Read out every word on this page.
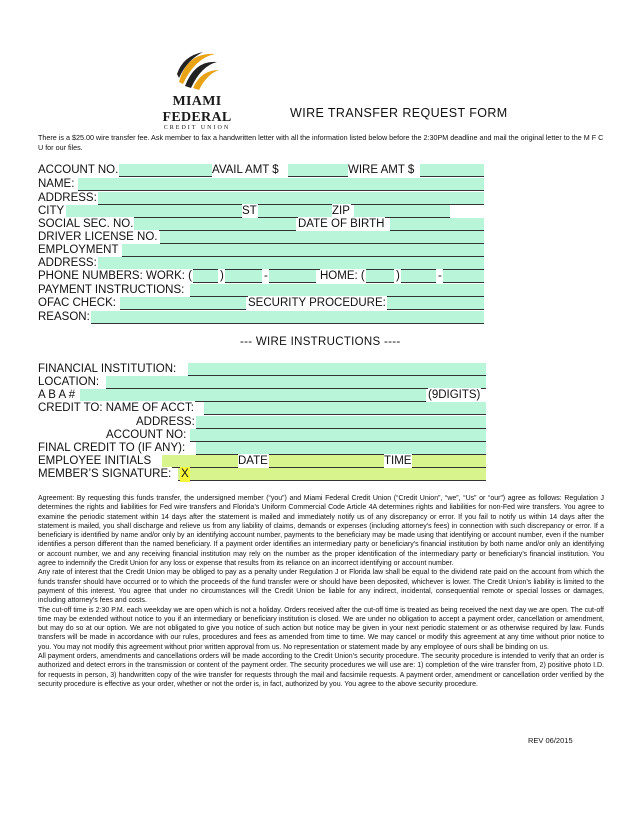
MIAMI FEDERAL
CREDIT UNION
WIRE TRANSFER REQUEST FORM
There is a $25.00 wire transfer fee. Ask member to fax a handwritten letter with all the information listed below before the 2:30PM deadline and mail the original letter to the M F C U for our files.
ACCOUNT NO.	AVAIL AMT $	WIRE AMT $
NAME:
ADDRESS:
CITY	ST	ZIP
SOCIAL SEC. NO.	DATE OF BIRTH
DRIVER LICENSE NO.
EMPLOYMENT
ADDRESS:
PHONE NUMBERS: WORK: ( )	-	HOME: (	)	-
PAYMENT INSTRUCTIONS:
OFAC CHECK:	SECURITY PROCEDURE:
REASON:
--- WIRE INSTRUCTIONS ----
FINANCIAL INSTITUTION:
LOCATION:
A B A #	(9DIGITS)
CREDIT TO: NAME OF ACCT:
ADDRESS:
ACCOUNT NO:
FINAL CREDIT TO (IF ANY):
EMPLOYEE INITIALS	DATE	TIME
MEMBER’S SIGNATURE: X

Agreement: By requesting this funds transfer, the undersigned member (“you”) and Miami Federal Credit Union (“Credit Union”, “we”, “Us” or “our”) agree as follows: Regulation J determines the rights and liabilities for Fed wire transfers and Florida’s Uniform Commercial Code Article 4A determines rights and liabilities for non-Fed wire transfers. You agree to examine the periodic statement within 14 days after the statement is mailed and immediately notify us of any discrepancy or error. If you fail to notify us within 14 days after the statement is mailed, you shall discharge and relieve us from any liability of claims, demands or expenses (including attorney’s fees) in connection with such discrepancy or error. If a beneficiary is identified by name and/or only by an identifying account number, payments to the beneficiary may be made using that identifying or account number, even if the number identifies a person different than the named beneficiary. If a payment order identifies an intermediary party or beneficiary’s financial institution by both name and/or only an identifying or account number, we and any receiving financial institution may rely on the number as the proper identification of the intermediary party or beneficiary’s financial institution. You agree to indemnify the Credit Union for any loss or expense that results from its reliance on an incorrect identifying or account number.

Any rate of interest that the Credit Union may be obliged to pay as a penalty under Regulation J or Florida law shall be equal to the dividend rate paid on the account from which the funds transfer should have occurred or to which the proceeds of the fund transfer were or should have been deposited, whichever is lower. The Credit Union’s liability is limited to the payment of this interest. You agree that under no circumstances will the Credit Union be liable for any indirect, incidental, consequential remote or special losses or damages, including attorney’s fees and costs.

The cut-off time is 2:30 P.M. each weekday we are open which is not a holiday. Orders received after the cut-off time is treated as being received the next day we are open. The cut-off time may be extended without notice to you if an intermediary or beneficiary institution is closed. We are under no obligation to accept a payment order, cancellation or amendment, but may do so at our option. We are not obligated to give you notice of such action but notice may be given in your next periodic statement or as otherwise required by law. Funds transfers will be made in accordance with our rules, procedures and fees as amended from time to time. We may cancel or modify this agreement at any time without prior notice to you. You may not modify this agreement without prior written approval from us. No representation or statement made by any employee of ours shall be binding on us.

All payment orders, amendments and cancellations orders will be made according to the Credit Union’s security procedure. The security procedure is intended to verify that an order is authorized and detect errors in the transmission or content of the payment order. The security procedures we will use are: 1) completion of the wire transfer from, 2) positive photo I.D. for requests in person, 3) handwritten copy of the wire transfer for requests through the mail and facsimile requests. A payment order, amendment or cancellation order verified by the security procedure is effective as your order, whether or not the order is, in fact, authorized by you. You agree to the above security procedure.

REV 06/2015
